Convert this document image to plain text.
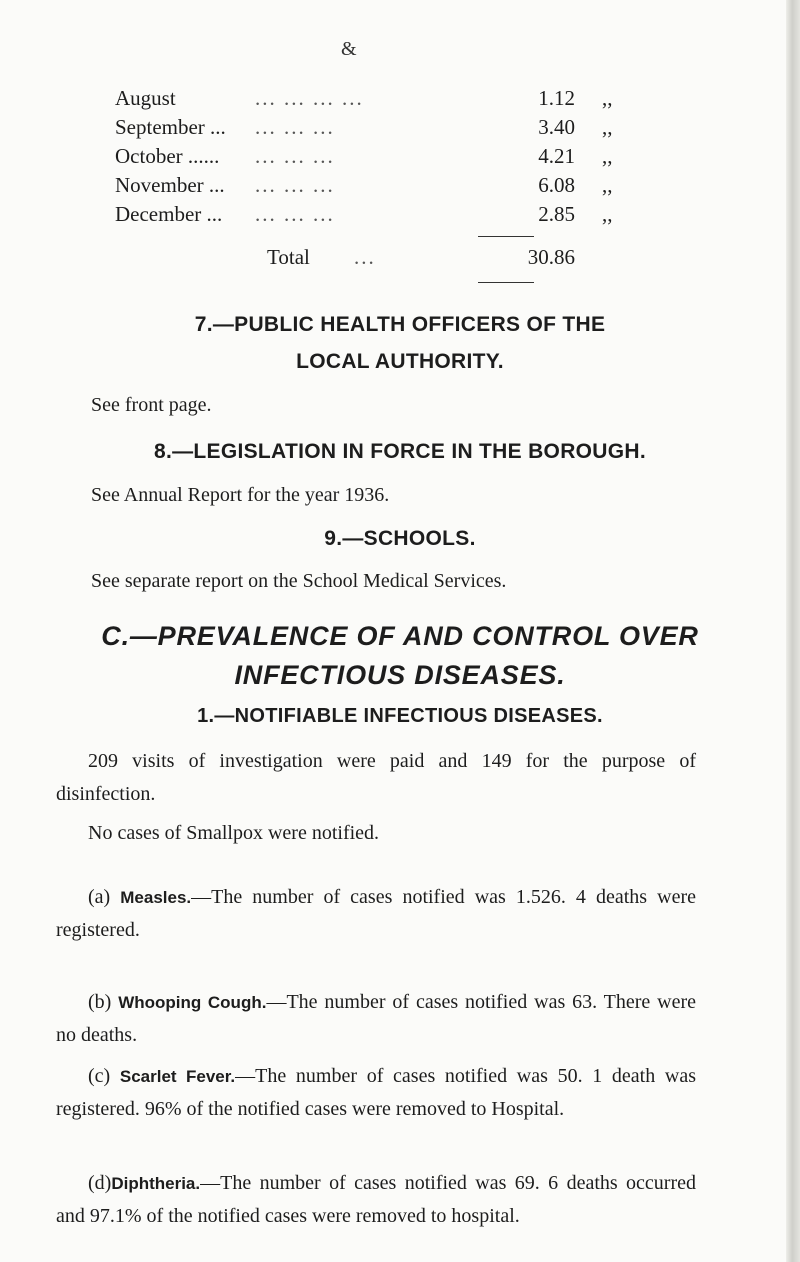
&
August	... ... ... ...	1.12 ,,
September ... ... ... ...	3.40 ,,
October ...... ... ... ...	4.21 ,,
November ... ... ... ...	6.08 ,,
December ... ... ... ...	2.85 ,,
Total ...	30.86
7.—PUBLIC HEALTH OFFICERS OF THE
LOCAL AUTHORITY.
See front page.
8.—LEGISLATION IN FORCE IN THE BOROUGH.
See Annual Report for the year 1936.
9.—SCHOOLS.
See separate report on the School Medical Services.
C.—PREVALENCE OF AND CONTROL OVER
INFECTIOUS DISEASES.
1.—NOTIFIABLE INFECTIOUS DISEASES.
209 visits of investigation were paid and 149 for the purpose of disinfection.
No cases of Smallpox were notified.
(a) Measles.—The number of cases notified was 1.526. 4 deaths were registered.
(b) Whooping Cough.—The number of cases notified was 63. There were no deaths.
(c) Scarlet Fever.—The number of cases notified was 50. 1 death was registered. 96% of the notified cases were removed to Hospital.
(d)Diphtheria.—The number of cases notified was 69. 6 deaths occurred and 97.1% of the notified cases were removed to hospital.
